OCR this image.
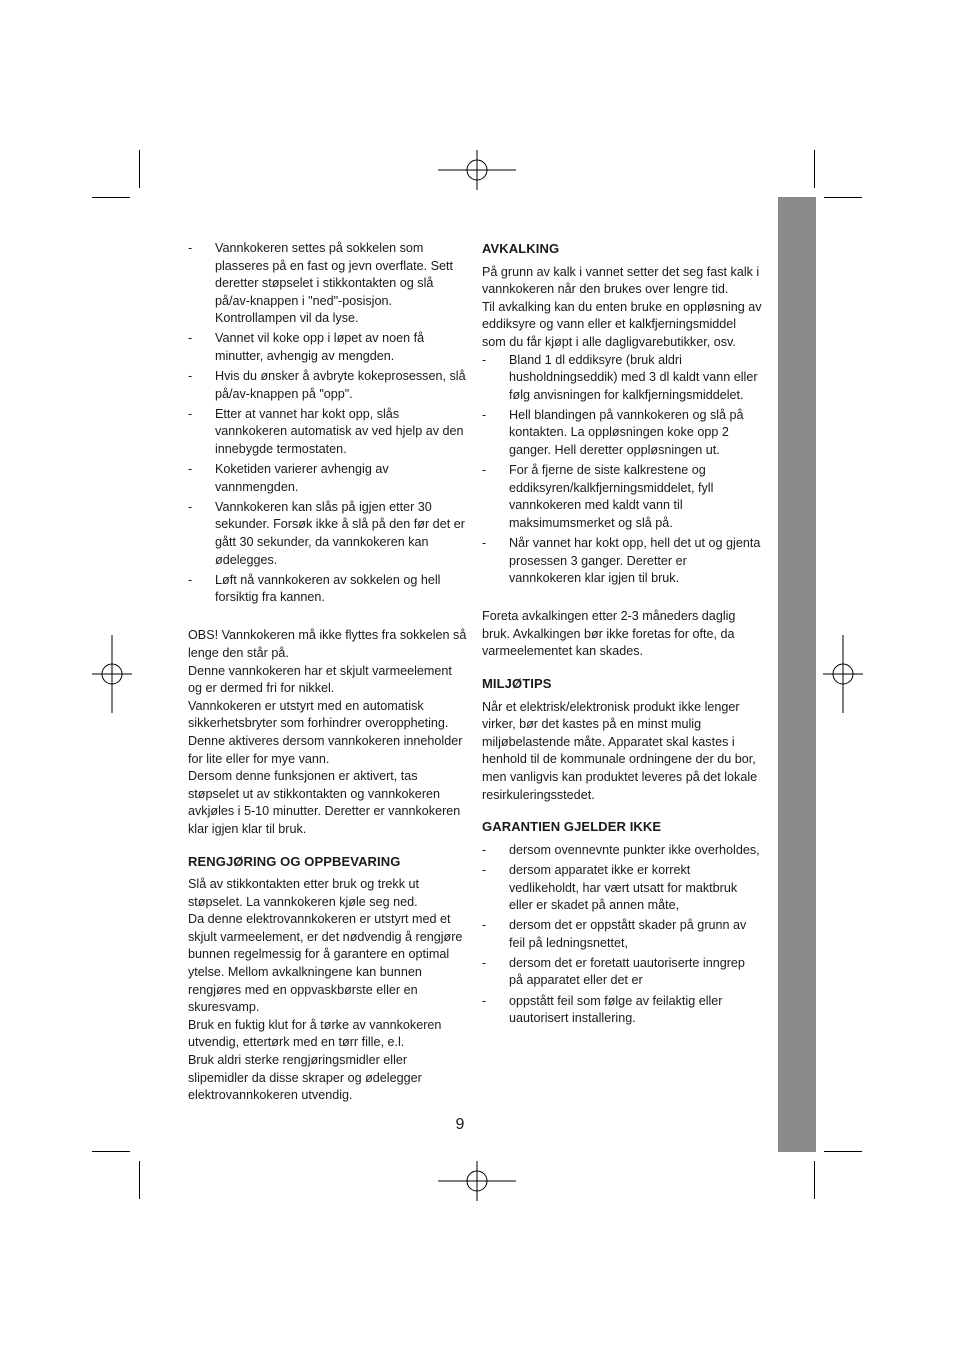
- Vannkokeren settes på sokkelen som plasseres på en fast og jevn overflate. Sett deretter støpselet i stikkontakten og slå på/av-knappen i "ned"-posisjon. Kontrollampen vil da lyse.
- Vannet vil koke opp i løpet av noen få minutter, avhengig av mengden.
- Hvis du ønsker å avbryte kokeprosessen, slå på/av-knappen på "opp".
- Etter at vannet har kokt opp, slås vannkokeren automatisk av ved hjelp av den innebygde termostaten.
- Koketiden varierer avhengig av vannmengden.
- Vannkokeren kan slås på igjen etter 30 sekunder. Forsøk ikke å slå på den før det er gått 30 sekunder, da vannkokeren kan ødelegges.
- Løft nå vannkokeren av sokkelen og hell forsiktig fra kannen.

OBS! Vannkokeren må ikke flyttes fra sokkelen så lenge den står på.

Denne vannkokeren har et skjult varmeelement og er dermed fri for nikkel.

Vannkokeren er utstyrt med en automatisk sikkerhetsbryter som forhindrer overoppheting. Denne aktiveres dersom vannkokeren inneholder for lite eller for mye vann.

Dersom denne funksjonen er aktivert, tas støpselet ut av stikkontakten og vannkokeren avkjøles i 5-10 minutter. Deretter er vannkokeren klar igjen klar til bruk.

RENGJØRING OG OPPBEVARING

Slå av stikkontakten etter bruk og trekk ut støpselet. La vannkokeren kjøle seg ned.

Da denne elektrovannkokeren er utstyrt med et skjult varmeelement, er det nødvendig å rengjøre bunnen regelmessig for å garantere en optimal ytelse. Mellom avkalkningene kan bunnen rengjøres med en oppvaskbørste eller en skuresvamp.

Bruk en fuktig klut for å tørke av vannkokeren utvendig, ettertørk med en tørr fille, e.l.

Bruk aldri sterke rengjøringsmidler eller slipemidler da disse skraper og ødelegger elektrovannkokeren utvendig.

AVKALKING

På grunn av kalk i vannet setter det seg fast kalk i vannkokeren når den brukes over lengre tid.

Til avkalking kan du enten bruke en oppløsning av eddiksyre og vann eller et kalkfjerningsmiddel som du får kjøpt i alle dagligvarebutikker, osv.

- Bland 1 dl eddiksyre (bruk aldri husholdningseddik) med 3 dl kaldt vann eller følg anvisningen for kalkfjerningsmiddelet.
- Hell blandingen på vannkokeren og slå på kontakten. La oppløsningen koke opp 2 ganger. Hell deretter oppløsningen ut.
- For å fjerne de siste kalkrestene og eddiksyren/kalkfjerningsmiddelet, fyll vannkokeren med kaldt vann til maksimumsmerket og slå på.
- Når vannet har kokt opp, hell det ut og gjenta prosessen 3 ganger. Deretter er vannkokeren klar igjen til bruk.

Foreta avkalkingen etter 2-3 måneders daglig bruk. Avkalkingen bør ikke foretas for ofte, da varmeelementet kan skades.

MILJØTIPS

Når et elektrisk/elektronisk produkt ikke lenger virker, bør det kastes på en minst mulig miljøbelastende måte. Apparatet skal kastes i henhold til de kommunale ordningene der du bor, men vanligvis kan produktet leveres på det lokale resirkuleringsstedet.

GARANTIEN GJELDER IKKE
- dersom ovennevnte punkter ikke overholdes,
- dersom apparatet ikke er korrekt vedlikeholdt, har vært utsatt for maktbruk eller er skadet på annen måte,
- dersom det er oppstått skader på grunn av feil på ledningsnettet,
- dersom det er foretatt uautoriserte inngrep på apparatet eller det er
- oppstått feil som følge av feilaktig eller uautorisert installering.
9
